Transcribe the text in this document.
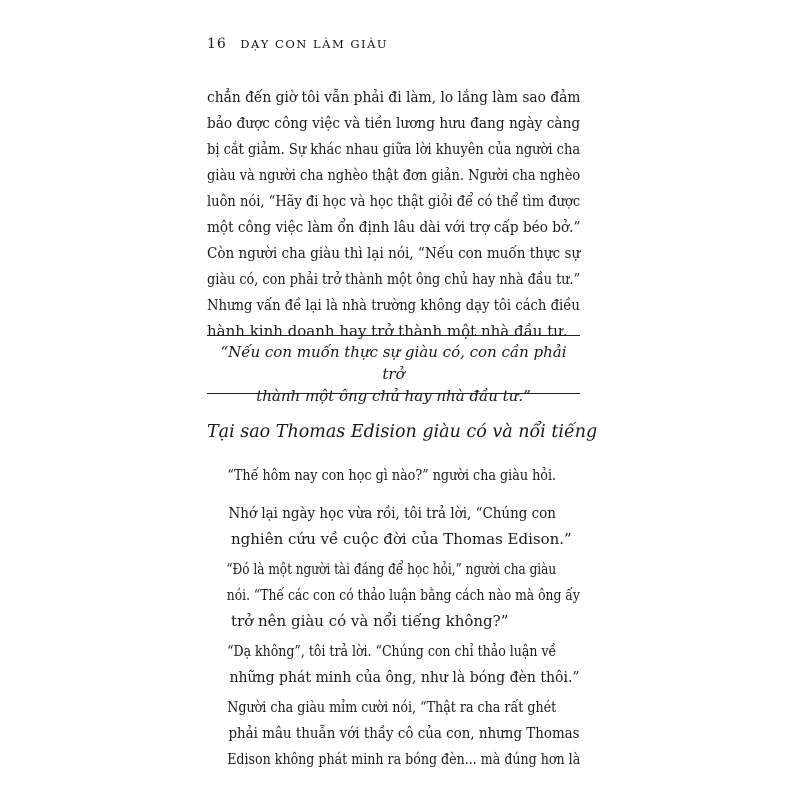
16 DẠY CON LÀM GIÀU

chẳn đến giờ tôi vẫn phải đi làm, lo lắng làm sao đảm
bảo được công việc và tiền lương hưu đang ngày càng
bị cắt giảm. Sự khác nhau giữa lời khuyên của người cha
giàu và người cha nghèo thật đơn giản. Người cha nghèo
luôn nói, “Hãy đi học và học thật giỏi để có thể tìm được
một công việc làm ổn định lâu dài với trợ cấp béo bở.”
Còn người cha giàu thì lại nói, “Nếu con muốn thực sự
giàu có, con phải trở thành một ông chủ hay nhà đầu tư.”
Nhưng vấn đề lại là nhà trường không dạy tôi cách điều
hành kinh doanh hay trở thành một nhà đầu tư.

“Nếu con muốn thực sự giàu có, con cần phải trở
thành một ông chủ hay nhà đầu tư.”
Tại sao Thomas Edision giàu có và nổi tiếng

“Thế hôm nay con học gì nào?” người cha giàu hỏi.

Nhớ lại ngày học vừa rồi, tôi trả lời, “Chúng con
nghiên cứu về cuộc đời của Thomas Edison.”

“Đó là một người tài đáng để học hỏi,” người cha giàu
nói. “Thế các con có thảo luận bằng cách nào mà ông ấy
trở nên giàu có và nổi tiếng không?”

“Dạ không”, tôi trả lời. “Chúng con chỉ thảo luận về
những phát minh của ông, như là bóng đèn thôi.”

Người cha giàu mỉm cười nói, “Thật ra cha rất ghét
phải mâu thuẫn với thầy cô của con, nhưng Thomas
Edison không phát minh ra bóng đèn... mà đúng hơn là
